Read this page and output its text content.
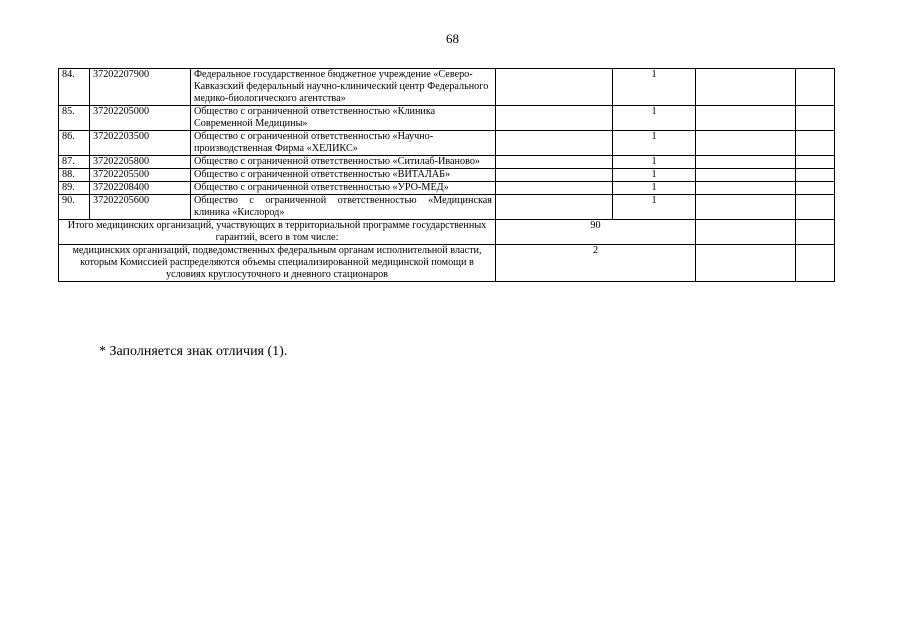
68
84.	37202207900	Федеральное государственное бюджетное учреждение «Северо-Кавказский федеральный научно-клинический центр Федерального медико-биологического агентства»		1		
85.	37202205000	Общество с ограниченной ответственностью «Клиника Современной Медицины»		1		
86.	37202203500	Общество с ограниченной ответственностью «Научно-производственная Фирма «ХЕЛИКС»		1		
87.	37202205800	Общество с ограниченной ответственностью «Ситилаб-Иваново»		1		
88.	37202205500	Общество с ограниченной ответственностью «ВИТАЛАБ»		1		
89.	37202208400	Общество с ограниченной ответственностью «УРО-МЕД»		1		
90.	37202205600	Общество с ограниченной ответственностью «Медицинская клиника «Кислород»		1		
Итого медицинских организаций, участвующих в территориальной программе государственных гарантий, всего в том числе:			90			
медицинских организаций, подведомственных федеральным органам исполнительной власти, которым Комиссией распределяются объемы специализированной медицинской помощи в условиях круглосуточного и дневного стационаров			2			
* Заполняется знак отличия (1).
